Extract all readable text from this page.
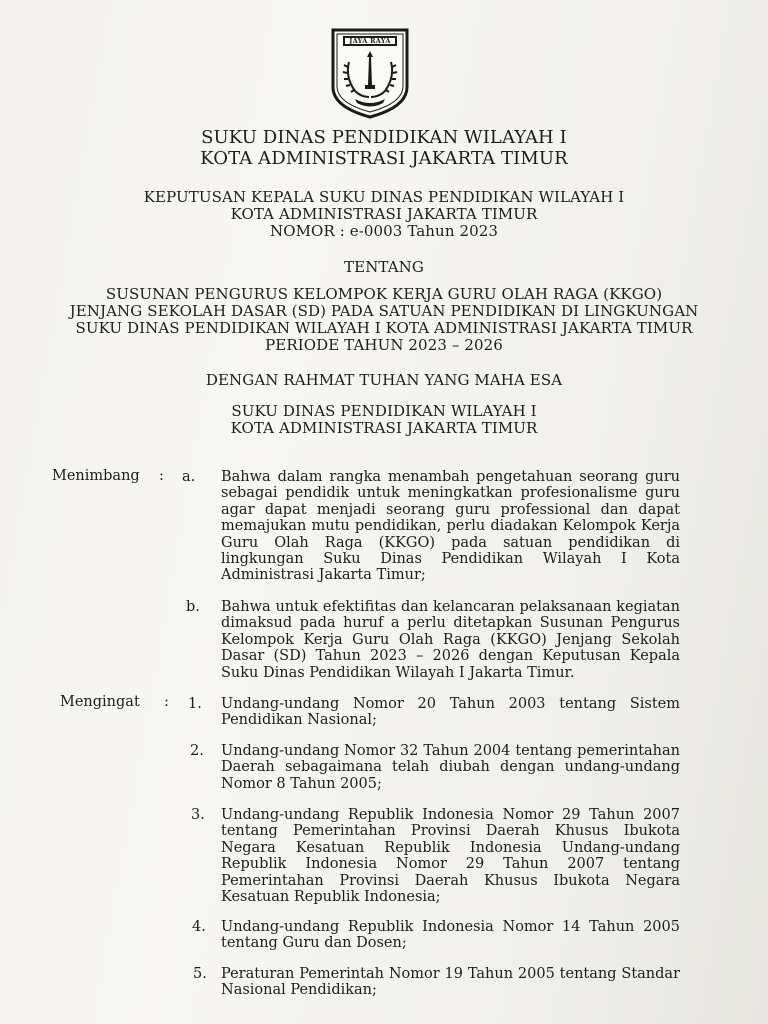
JAYA RAYA
SUKU DINAS PENDIDIKAN WILAYAH I
KOTA ADMINISTRASI JAKARTA TIMUR
KEPUTUSAN KEPALA SUKU DINAS PENDIDIKAN WILAYAH I
KOTA ADMINISTRASI JAKARTA TIMUR
NOMOR : e-0003 Tahun 2023
TENTANG
SUSUNAN PENGURUS KELOMPOK KERJA GURU OLAH RAGA (KKGO)
JENJANG SEKOLAH DASAR (SD) PADA SATUAN PENDIDIKAN DI LINGKUNGAN
SUKU DINAS PENDIDIKAN WILAYAH I KOTA ADMINISTRASI JAKARTA TIMUR
PERIODE TAHUN 2023 – 2026
DENGAN RAHMAT TUHAN YANG MAHA ESA
SUKU DINAS PENDIDIKAN WILAYAH I
KOTA ADMINISTRASI JAKARTA TIMUR
Menimbang : a. Bahwa dalam rangka menambah pengetahuan seorang guru sebagai pendidik untuk meningkatkan profesionalisme guru agar dapat menjadi seorang guru professional dan dapat memajukan mutu pendidikan, perlu diadakan Kelompok Kerja Guru Olah Raga (KKGO) pada satuan pendidikan di lingkungan Suku Dinas Pendidikan Wilayah I Kota Administrasi Jakarta Timur;
b. Bahwa untuk efektifitas dan kelancaran pelaksanaan kegiatan dimaksud pada huruf a perlu ditetapkan Susunan Pengurus Kelompok Kerja Guru Olah Raga (KKGO) Jenjang Sekolah Dasar (SD) Tahun 2023 – 2026 dengan Keputusan Kepala Suku Dinas Pendidikan Wilayah I Jakarta Timur.
Mengingat : 1. Undang-undang Nomor 20 Tahun 2003 tentang Sistem Pendidikan Nasional;
2. Undang-undang Nomor 32 Tahun 2004 tentang pemerintahan Daerah sebagaimana telah diubah dengan undang-undang Nomor 8 Tahun 2005;
3. Undang-undang Republik Indonesia Nomor 29 Tahun 2007 tentang Pemerintahan Provinsi Daerah Khusus Ibukota Negara Kesatuan Republik Indonesia Undang-undang Republik Indonesia Nomor 29 Tahun 2007 tentang Pemerintahan Provinsi Daerah Khusus Ibukota Negara Kesatuan Republik Indonesia;
4. Undang-undang Republik Indonesia Nomor 14 Tahun 2005 tentang Guru dan Dosen;
5. Peraturan Pemerintah Nomor 19 Tahun 2005 tentang Standar Nasional Pendidikan;
